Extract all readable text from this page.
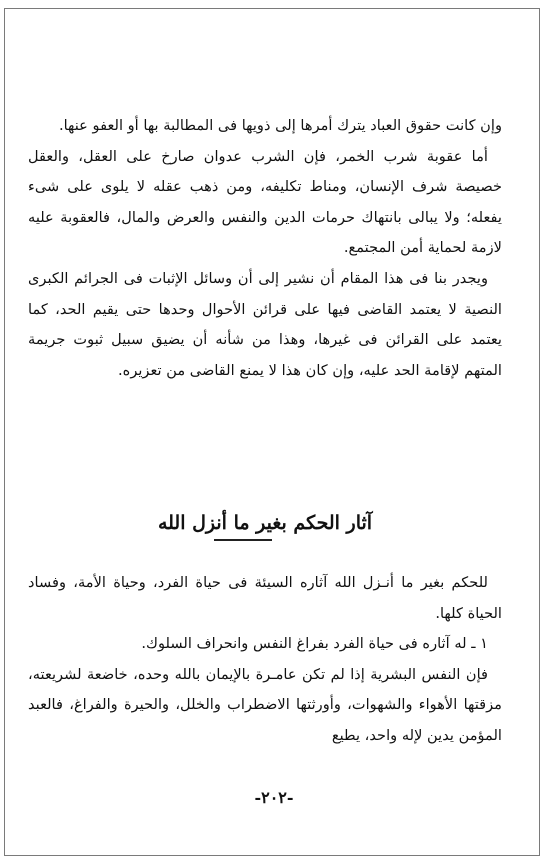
وإن كانت حقوق العباد يترك أمرها إلى ذويها فى المطالبة بها أو العفو عنها.

أما عقوبة شرب الخمر، فإن الشرب عدوان صارخ على العقل، والعقل خصيصة شرف الإنسان، ومناط تكليفه، ومن ذهب عقله لا يلوى على شىء يفعله؛ ولا يبالى بانتهاك حرمات الدين والنفس والعرض والمال، فالعقوبة عليه لازمة لحماية أمن المجتمع.

ويجدر بنا فى هذا المقام أن نشير إلى أن وسائل الإثبات فى الجرائم الكبرى النصية لا يعتمد القاضى فيها على قرائن الأحوال وحدها حتى يقيم الحد، كما يعتمد على القرائن فى غيرها، وهذا من شأنه أن يضيق سبيل ثبوت جريمة المتهم لإقامة الحد عليه، وإن كان هذا لا يمنع القاضى من تعزيره.

آثار الحكم بغير ما أنزل الله

للحكم بغير ما أنـزل الله آثاره السيئة فى حياة الفرد، وحياة الأمة، وفساد الحياة كلها.

١ ـ له آثاره فى حياة الفرد بفراغ النفس وانحراف السلوك.

فإن النفس البشرية إذا لم تكن عامـرة بالإيمان بالله وحده، خاضعة لشريعته، مزقتها الأهواء والشهوات، وأورثتها الاضطراب والخلل، والحيرة والفراغ، فالعبد المؤمن يدين لإله واحد، يطيع

-٢٠٢-
